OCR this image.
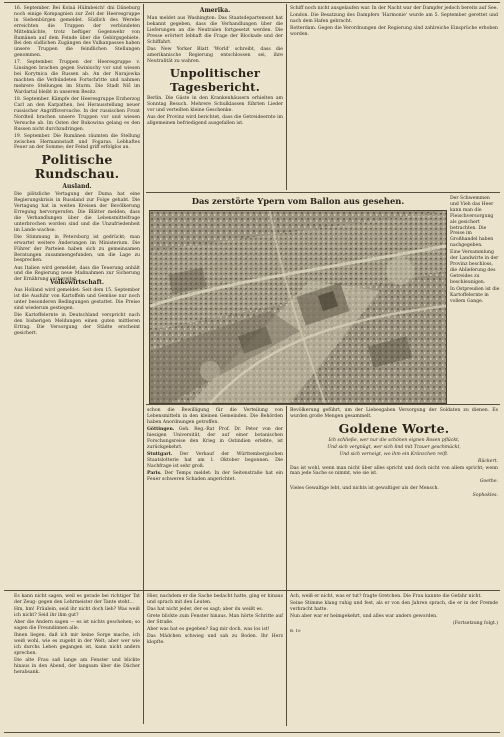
16. September. Bei Kolaá Hülmbeich! dni Däneburg noch einige Kompagnien zur Zeit der Heeresgruppe in Siebenbürgen gemeldet. Südlich des Werebe erreichten die Truppen der verbündeten Mittelmächte, trotz heftiger Gegenwehr von Rumänen auf dem Feinde über die Gebirgsgebiete. Bei den südlichen Zugängen des Vulkanpasses haben unsere Truppen die feindlichen Stellungen genommen.

17. September. Truppen der Heeresgruppe v. Linsingen brachen gegen Swiniuchy vor und wiesen bei Korytnica die Russen ab. An der Narajowka machten die Verbündeten Fortschritte und nahmen mehrere Stellungen im Sturm. Die Stadt Niš im Wardartal bleibt in unserem Besitz.

18. September. Kämpfe der Heeresgruppe Erzherzog Carl an den Karpathen, bei Herausstellung neuer russischer Angriffsversuche. In der russischen Front Nordteil brachen unsere Truppen vor und wiesen Versuche ab. Im Osten der Bukowina gelang es den Russen nicht durchzudringen.

19. September. Die Rumänen räumten die Stellung zwischen Hermannstadt und Fogaras. Lebhaftes Feuer an der Somme; der Feind griff erfolglos an.

Politische Rundschau.
Ausland.

Die plötzliche Vertagung der Duma hat eine Regierungskrisis in Russland zur Folge gehabt. Die Vertagung hat in weiten Kreisen der Bevölkerung Erregung hervorgerufen. Die Blätter melden, dass die Verhandlungen über die Lebensmittelfrage unterbrochen worden sind und die Unzufriedenheit im Lande wachse.

Die Stimmung in Petersburg ist gedrückt; man erwartet weitere Änderungen im Ministerium. Die Führer der Parteien haben sich zu gemeinsamen Beratungen zusammengefunden, um die Lage zu besprechen.

Aus Italien wird gemeldet, dass die Teuerung anhält und die Regierung neue Maßnahmen zur Sicherung der Ernährung vorbereitet.

Volkswirtschaft.

Aus Holland wird gemeldet: Seit dem 15. September ist die Ausfuhr von Kartoffeln und Gemüse nur noch unter besonderen Bedingungen gestattet. Die Preise sind wiederum gestiegen.

Die Kartoffelernte in Deutschland verspricht nach den bisherigen Meldungen einen guten mittleren Ertrag. Die Versorgung der Städte erscheint gesichert.

Amerika.

Man meldet aus Washington: Das Staatsdepartement hat bekannt gegeben, dass die Verhandlungen über die Lieferungen an die Neutralen fortgesetzt werden. Die Presse erörtert lebhaft die Frage der Blockade und der Schiffahrt.

Das New Yorker Blatt 'World' schreibt, dass die amerikanische Regierung entschlossen sei, ihre Neutralität zu wahren.

Unpolitischer Tagesbericht.

Berlin. Die Gäste in den Krankenhäusern erhielten am Sonntag Besuch. Mehrere Schulklassen führten Lieder vor und verteilten kleine Geschenke.

Aus der Provinz wird berichtet, dass die Getreideernte im allgemeinen befriedigend ausgefallen ist.

Schiff noch nicht ausgelaufen war. In der Nacht war der Dampfer jedoch bereits auf See.

London. Die Besatzung des Dampfers 'Harmonie' wurde am 5. September gerettet und nach dem Hafen gebracht.

Rotterdam. Gegen die Verordnungen der Regierung sind zahlreiche Einsprüche erhoben worden.

Das zerstörte Ypern vom Ballon aus gesehen.	Der Schwemmen und Vieh das Heer kann man die Fleischversorgung als gesichert betrachten. Die Preise im Großhandel haben nachgegeben.

Eine Versammlung der Landwirte in der Provinz beschloss, die Ablieferung des Getreides zu beschleunigen.

In Ostpreußen ist die Kartoffelernte in vollem Gange.

schon die Bewilligung für die Verteilung von Lebensmitteln in den kleinen Gemeinden. Die Behörden haben Anordnungen getroffen.

Göttingen. Geh. Reg.-Rat Prof. Dr. Peter von der hiesigen Universität, der auf einer botanischen Forschungsreise den Krieg in Ostindien erlebte, ist zurückgekehrt.

Stuttgart. Der Verkauf der Württembergischen Staatslotterie hat am 1. Oktober begonnen. Die Nachfrage ist sehr groß.

Paris. Der Temps meldet: In der Seitenstraße hat ein Feuer schweren Schaden angerichtet.

Bevölkerung geführt, um der Liebesgaben Versorgung der Soldaten zu dienen. Es wurden große Mengen gesammelt.

Goldene Worte.

Ich schließe, wer nur die schönen eignen Rosen pflückt,

Und sich vergnügt, wer sich lind mit Trauer geschmückt,

Und sich verneigt, wo ihm ein Kränzchen reift.

Rückert.

Das ist wohl, wenn man nicht über alles spricht und doch nicht von allem spricht; wenn man jede Sache so nimmt, wie sie ist.

Goethe.

Vieles Gewaltige lebt, und nichts ist gewaltiger als der Mensch.

Sophokles.

Es kann nicht sagen, weil es gerade bei richtiger Tat der Zeug- gegen den Lehrmeister der Tante steht...

Hm, hm! Fräulein, seid ihr nicht doch lieb? Was weiß ich nicht? Seid ihr ihm gut?

Aber die Andern sagen — es ist nichts geschehen; so sagen die Freundinnen alle.

Ihnen liegen, daß ich mir keine Sorge mache, ich weiß wohl, wie es zugeht in der Welt; aber wer wie ich durchs Leben gegangen ist, kann nicht anders sprechen.

Die alte Frau saß lange am Fenster und blickte hinaus in den Abend, der langsam über die Dächer herabsank.

Hier, nachdem er die Sache bedacht hatte, ging er hinaus und sprach mit den Leuten.

Das hat nicht jeder, der es sagt; aber du weißt es.

Grete blickte zum Fenster hinaus. Man hörte Schritte auf der Straße.

Aber was hat es gegeben? Sag mir doch, was los ist!

Das Mädchen schwieg und sah zu Boden. Ihr Herz klopfte.

Ach, weiß er nicht, was er tut? fragte Gretchen. Die Frau kannte die Gefahr nicht.

Seine Stimme klang ruhig und fest, als er von den Jahren sprach, die er in der Fremde verbracht hatte.

Nun aber war er heimgekehrt, und alles war anders geworden.

(Fortsetzung folgt.)

B. 10
